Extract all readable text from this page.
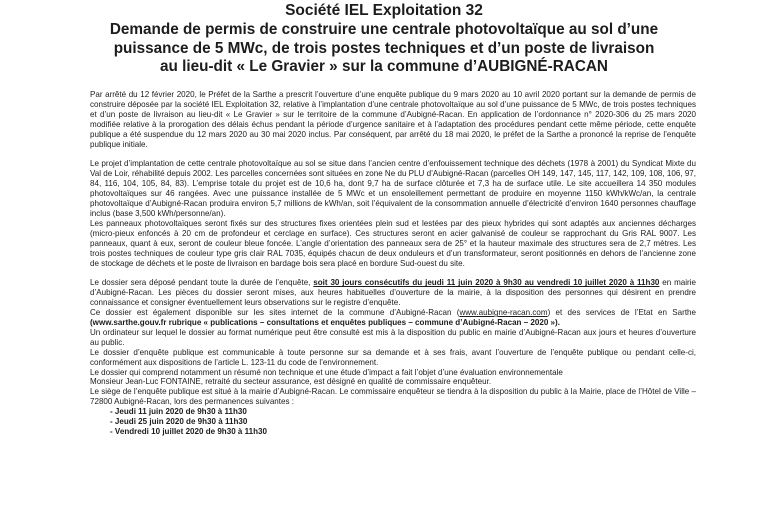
Société IEL Exploitation 32
Demande de permis de construire une centrale photovoltaïque au sol d’une
puissance de 5 MWc, de trois postes techniques et d’un poste de livraison
au lieu-dit « Le Gravier » sur la commune d’AUBIGNÉ-RACAN

Par arrêté du 12 février 2020, le Préfet de la Sarthe a prescrit l’ouverture d’une enquête publique du 9 mars 2020 au 10 avril 2020 portant sur la demande de permis de construire déposée par la société IEL Exploitation 32, relative à l’implantation d’une centrale photovoltaïque au sol d’une puissance de 5 MWc, de trois postes techniques et d’un poste de livraison au lieu-dit « Le Gravier » sur le territoire de la commune d’Aubigné-Racan. En application de l’ordonnance n° 2020-306 du 25 mars 2020 modifiée relative à la prorogation des délais échus pendant la période d’urgence sanitaire et à l’adaptation des procédures pendant cette même période, cette enquête publique a été suspendue du 12 mars 2020 au 30 mai 2020 inclus. Par conséquent, par arrêté du 18 mai 2020, le préfet de la Sarthe a prononcé la reprise de l’enquête publique initiale.

Le projet d’implantation de cette centrale photovoltaïque au sol se situe dans l’ancien centre d’enfouissement technique des déchets (1978 à 2001) du Syndicat Mixte du Val de Loir, réhabilité depuis 2002. Les parcelles concernées sont situées en zone Ne du PLU d’Aubigné-Racan (parcelles OH 149, 147, 145, 117, 142, 109, 108, 106, 97, 84, 116, 104, 105, 84, 83). L’emprise totale du projet est de 10,6 ha, dont 9,7 ha de surface clôturée et 7,3 ha de surface utile. Le site accueillera 14 350 modules photovoltaïques sur 46 rangées. Avec une puissance installée de 5 MWc et un ensoleillement permettant de produire en moyenne 1150 kWh/kWc/an, la centrale photovoltaïque d’Aubigné-Racan produira environ 5,7 millions de kWh/an, soit l’équivalent de la consommation annuelle d’électricité d’environ 1640 personnes chauffage inclus (base 3,500 kWh/personne/an).

Les panneaux photovoltaïques seront fixés sur des structures fixes orientées plein sud et lestées par des pieux hybrides qui sont adaptés aux anciennes décharges (micro-pieux enfoncés à 20 cm de profondeur et cerclage en surface). Ces structures seront en acier galvanisé de couleur se rapprochant du Gris RAL 9007. Les panneaux, quant à eux, seront de couleur bleue foncée. L’angle d’orientation des panneaux sera de 25° et la hauteur maximale des structures sera de 2,7 mètres. Les trois postes techniques de couleur type gris clair RAL 7035, équipés chacun de deux onduleurs et d’un transformateur, seront positionnés en dehors de l’ancienne zone de stockage de déchets et le poste de livraison en bardage bois sera placé en bordure Sud-ouest du site.

Le dossier sera déposé pendant toute la durée de l’enquête, soit 30 jours consécutifs du jeudi 11 juin 2020 à 9h30 au vendredi 10 juillet 2020 à 11h30 en mairie d’Aubigné-Racan. Les pièces du dossier seront mises, aux heures habituelles d’ouverture de la mairie, à la disposition des personnes qui désirent en prendre connaissance et consigner éventuellement leurs observations sur le registre d’enquête.

Ce dossier est également disponible sur les sites internet de la commune d’Aubigné-Racan (www.aubigne-racan.com) et des services de l’Etat en Sarthe (www.sarthe.gouv.fr rubrique « publications – consultations et enquêtes publiques – commune d’Aubigné-Racan – 2020 »).

Un ordinateur sur lequel le dossier au format numérique peut être consulté est mis à la disposition du public en mairie d’Aubigné-Racan aux jours et heures d’ouverture au public.

Le dossier d’enquête publique est communicable à toute personne sur sa demande et à ses frais, avant l’ouverture de l’enquête publique ou pendant celle-ci, conformément aux dispositions de l’article L. 123-11 du code de l’environnement.

Le dossier qui comprend notamment un résumé non technique et une étude d’impact a fait l’objet d’une évaluation environnementale

Monsieur Jean-Luc FONTAINE, retraité du secteur assurance, est désigné en qualité de commissaire enquêteur.

Le siège de l’enquête publique est situé à la mairie d’Aubigné-Racan. Le commissaire enquêteur se tiendra à la disposition du public à la Mairie, place de l’Hôtel de Ville – 72800 Aubigné-Racan, lors des permanences suivantes :

- Jeudi 11 juin 2020 de 9h30 à 11h30
- Jeudi 25 juin 2020 de 9h30 à 11h30
- Vendredi 10 juillet 2020 de 9h30 à 11h30
